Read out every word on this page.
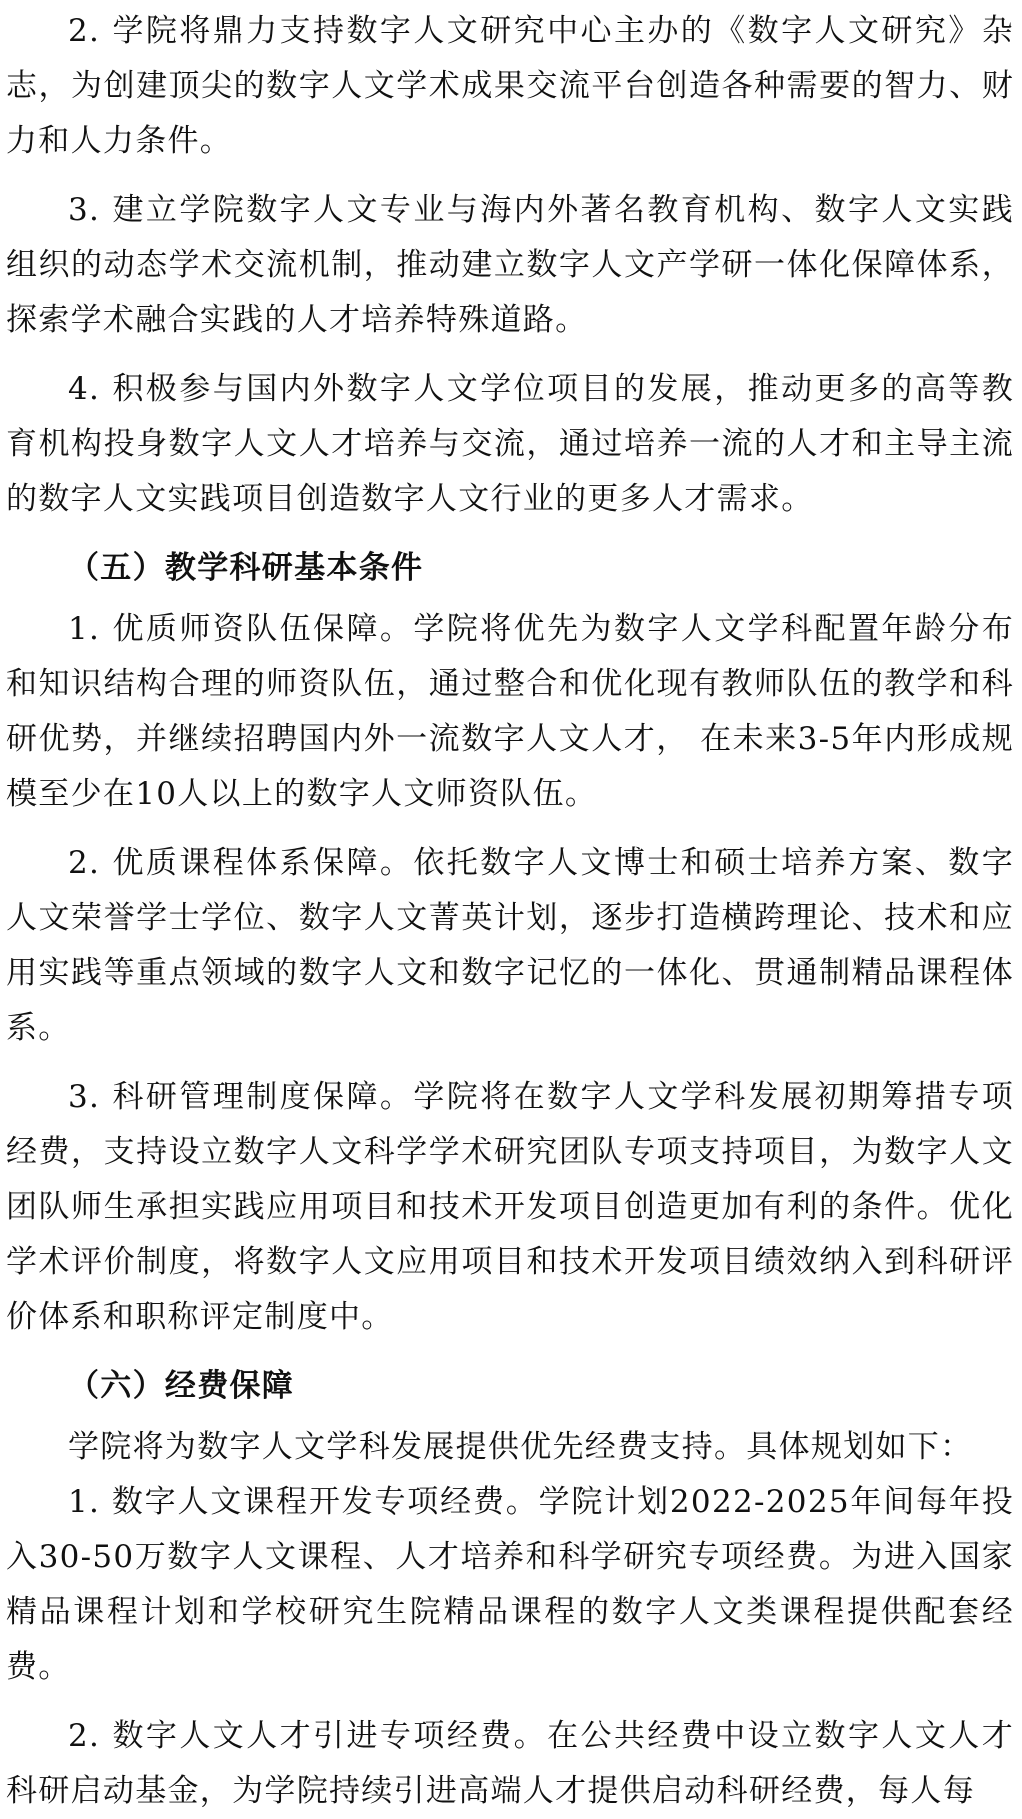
2. 学院将鼎力支持数字人文研究中心主办的《数字人文研究》杂志，为创建顶尖的数字人文学术成果交流平台创造各种需要的智力、财力和人力条件。

3. 建立学院数字人文专业与海内外著名教育机构、数字人文实践组织的动态学术交流机制，推动建立数字人文产学研一体化保障体系，探索学术融合实践的人才培养特殊道路。

4. 积极参与国内外数字人文学位项目的发展，推动更多的高等教育机构投身数字人文人才培养与交流，通过培养一流的人才和主导主流的数字人文实践项目创造数字人文行业的更多人才需求。

（五）教学科研基本条件

1. 优质师资队伍保障。学院将优先为数字人文学科配置年龄分布和知识结构合理的师资队伍，通过整合和优化现有教师队伍的教学和科研优势，并继续招聘国内外一流数字人文人才， 在未来3-5年内形成规模至少在10人以上的数字人文师资队伍。

2. 优质课程体系保障。依托数字人文博士和硕士培养方案、数字人文荣誉学士学位、数字人文菁英计划，逐步打造横跨理论、技术和应用实践等重点领域的数字人文和数字记忆的一体化、贯通制精品课程体系。

3. 科研管理制度保障。学院将在数字人文学科发展初期筹措专项经费，支持设立数字人文科学学术研究团队专项支持项目，为数字人文团队师生承担实践应用项目和技术开发项目创造更加有利的条件。优化学术评价制度，将数字人文应用项目和技术开发项目绩效纳入到科研评价体系和职称评定制度中。

（六）经费保障

学院将为数字人文学科发展提供优先经费支持。具体规划如下：

1. 数字人文课程开发专项经费。学院计划2022-2025年间每年投入30-50万数字人文课程、人才培养和科学研究专项经费。为进入国家精品课程计划和学校研究生院精品课程的数字人文类课程提供配套经费。

2. 数字人文人才引进专项经费。在公共经费中设立数字人文人才科研启动基金，为学院持续引进高端人才提供启动科研经费，每人每
